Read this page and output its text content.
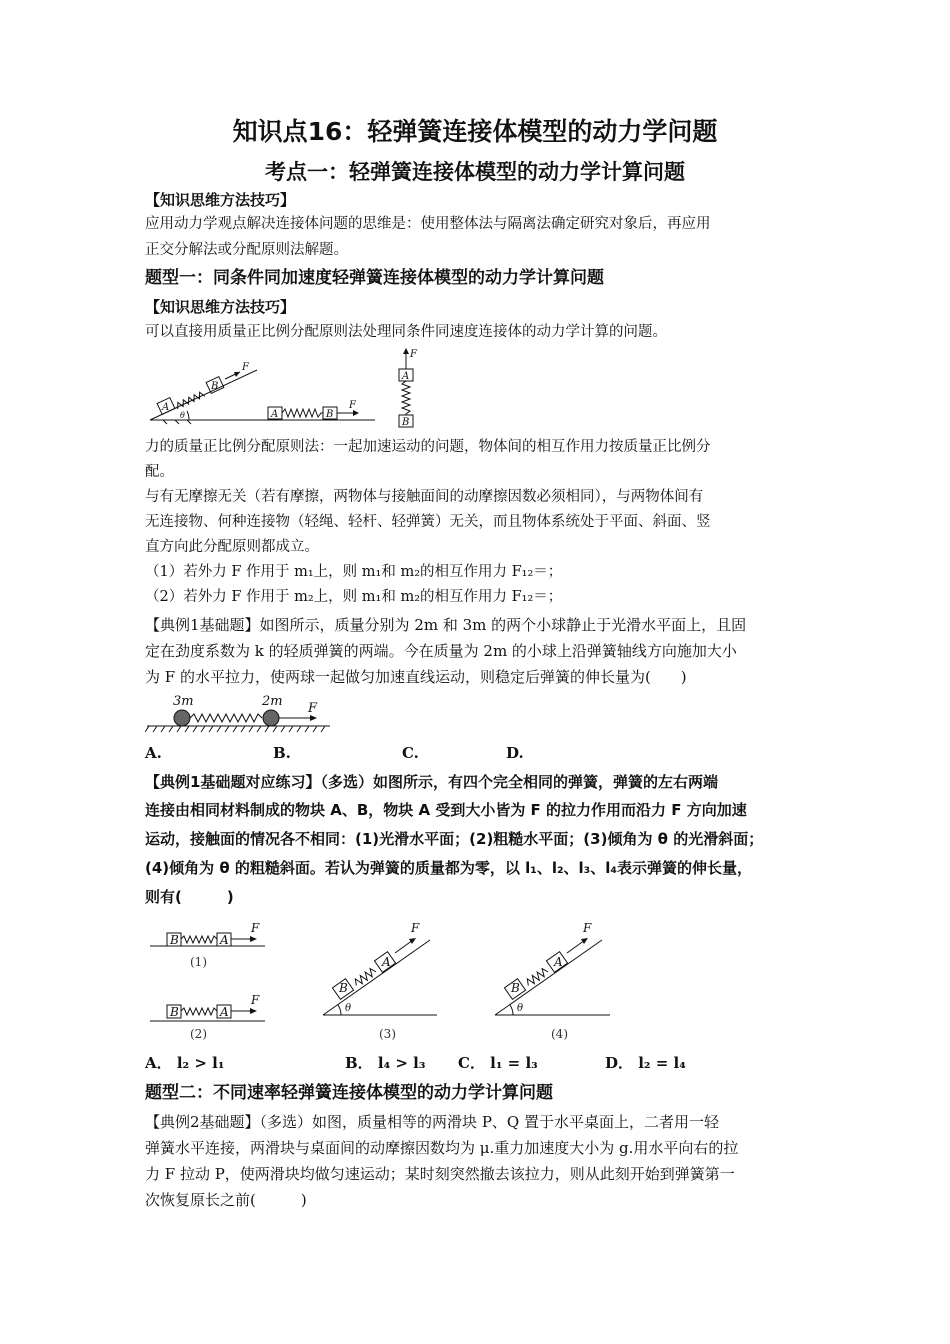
知识点16：轻弹簧连接体模型的动力学问题
考点一：轻弹簧连接体模型的动力学计算问题
【知识思维方法技巧】
应用动力学观点解决连接体问题的思维是：使用整体法与隔离法确定研究对象后，再应用
正交分解法或分配原则法解题。
题型一：同条件同加速度轻弹簧连接体模型的动力学计算问题
【知识思维方法技巧】
可以直接用质量正比例分配原则法处理同条件同速度连接体的动力学计算的问题。
A
B
F
θ	A	B
F
A
B
F
力的质量正比例分配原则法：一起加速运动的问题，物体间的相互作用力按质量正比例分
配。
与有无摩擦无关（若有摩擦，两物体与接触面间的动摩擦因数必须相同），与两物体间有
无连接物、何种连接物（轻绳、轻杆、轻弹簧）无关，而且物体系统处于平面、斜面、竖
直方向此分配原则都成立。
（1）若外力 F 作用于 m₁上，则 m₁和 m₂的相互作用力 F₁₂＝；
（2）若外力 F 作用于 m₂上，则 m₁和 m₂的相互作用力 F₁₂＝；
【典例1基础题】如图所示，质量分别为 2m 和 3m 的两个小球静止于光滑水平面上，且固
定在劲度系数为 k 的轻质弹簧的两端。今在质量为 2m 的小球上沿弹簧轴线方向施加大小
为 F 的水平拉力，使两球一起做匀加速直线运动，则稳定后弹簧的伸长量为(　　)
3m	2m F
A.	B.	C.	D.
【典例1基础题对应练习】（多选）如图所示，有四个完全相同的弹簧，弹簧的左右两端
连接由相同材料制成的物块 A、B，物块 A 受到大小皆为 F 的拉力作用而沿力 F 方向加速
运动，接触面的情况各不相同：(1)光滑水平面；(2)粗糙水平面；(3)倾角为 θ 的光滑斜面；
(4)倾角为 θ 的粗糙斜面。若认为弹簧的质量都为零，以 l₁、l₂、l₃、l₄表示弹簧的伸长量，
则有(　　　)
B	A
F
B	A
F
B
A
F
θ
B
A
F
θ
(1)
(2)	(3)	(4)
A． l₂ > l₁	B． l₄ > l₃ C． l₁ = l₃	D． l₂ = l₄
题型二：不同速率轻弹簧连接体模型的动力学计算问题
【典例2基础题】（多选）如图，质量相等的两滑块 P、Q 置于水平桌面上，二者用一轻
弹簧水平连接，两滑块与桌面间的动摩擦因数均为 μ.重力加速度大小为 g.用水平向右的拉
力 F 拉动 P，使两滑块均做匀速运动；某时刻突然撤去该拉力，则从此刻开始到弹簧第一
次恢复原长之前(　　　)
